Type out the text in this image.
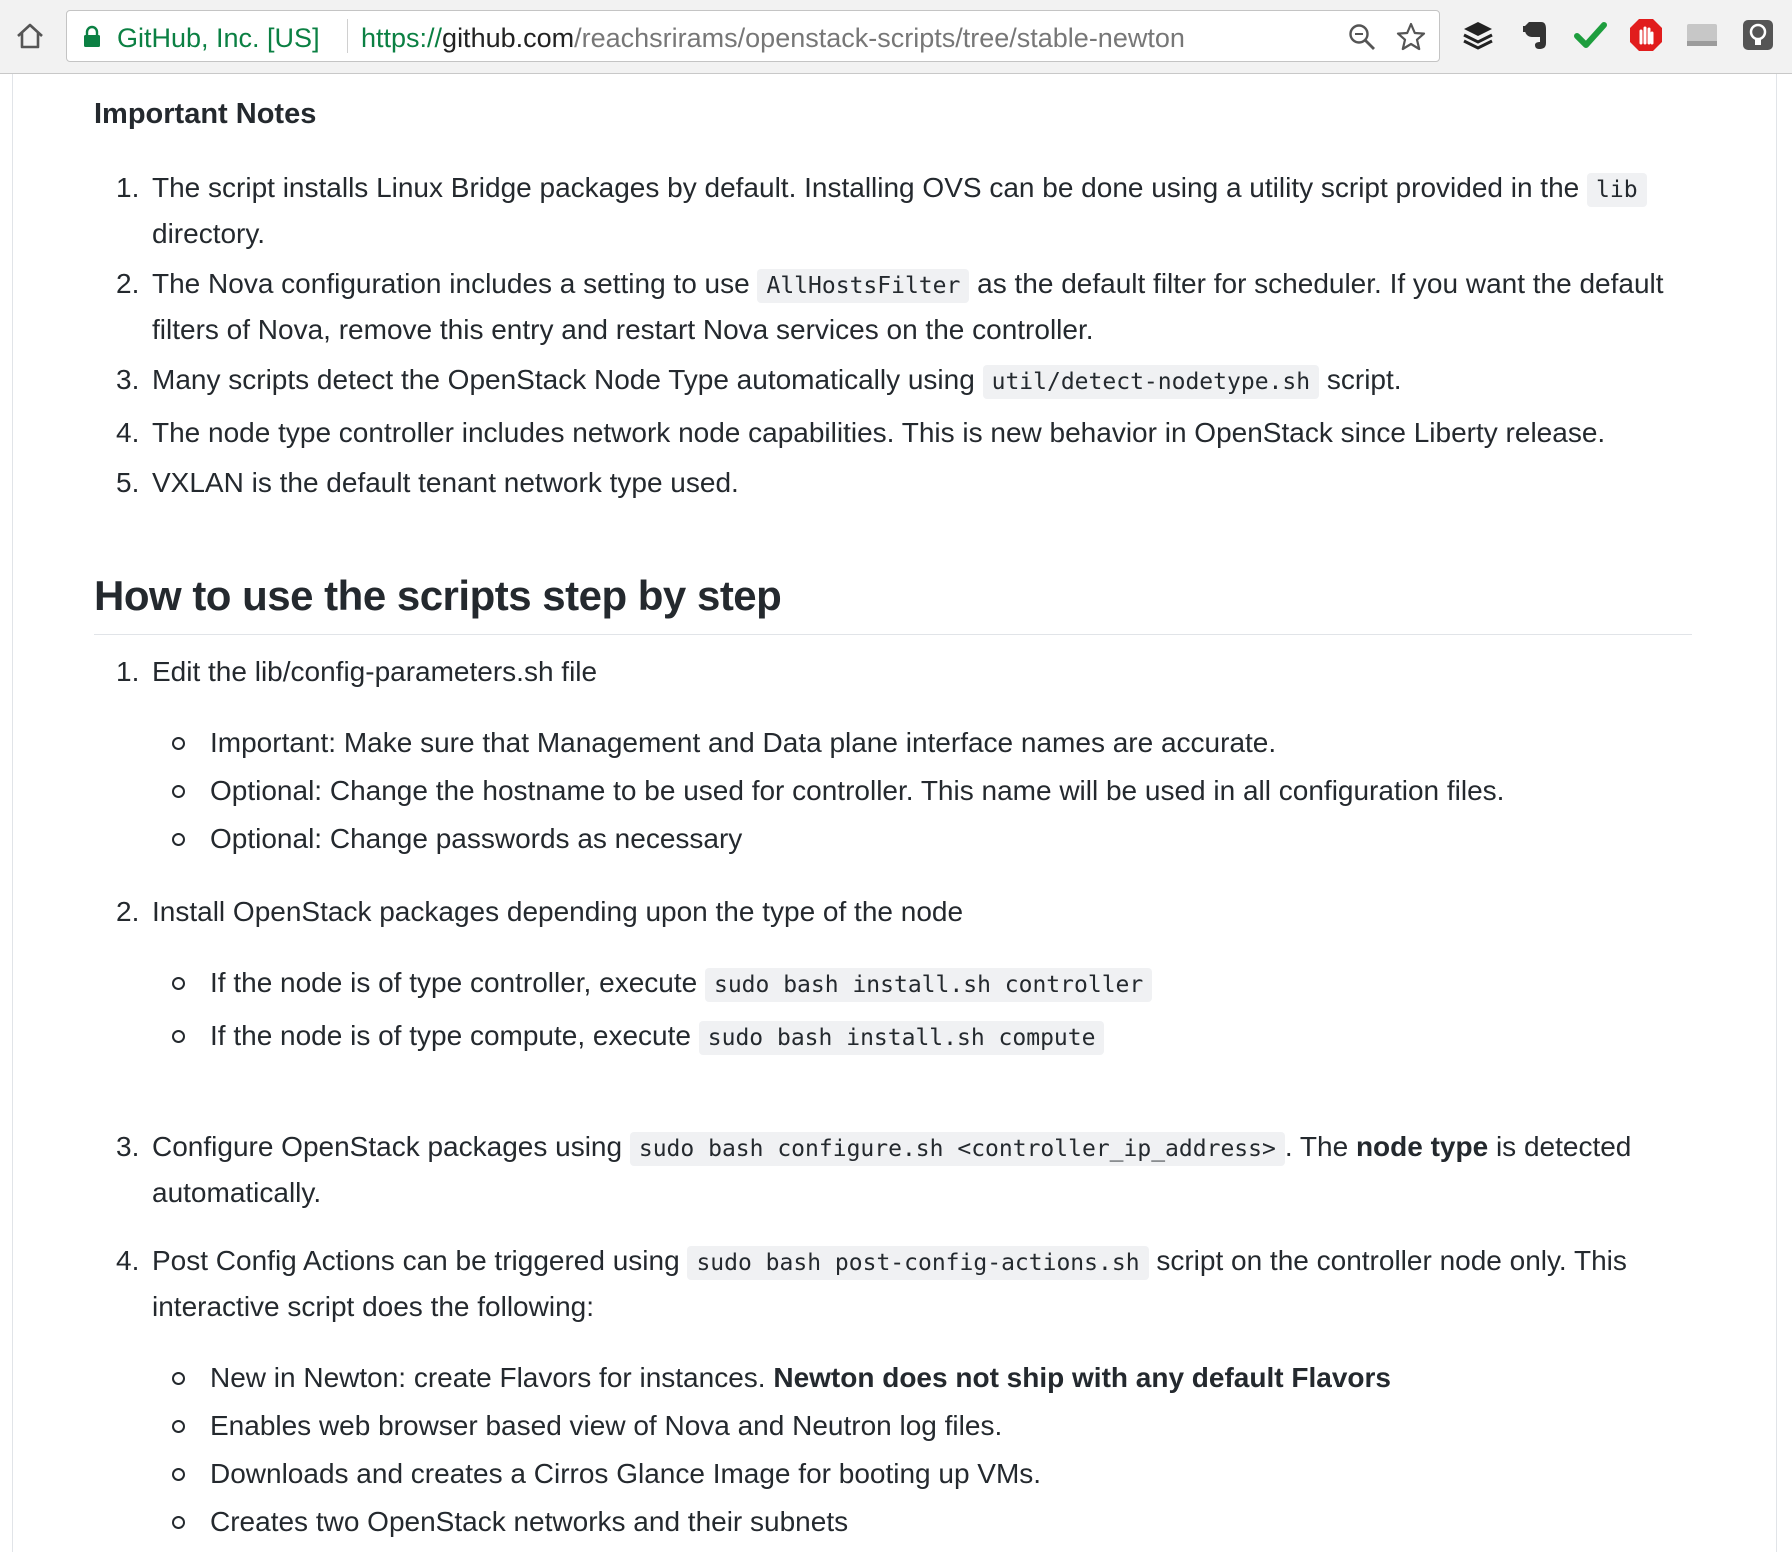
GitHub, Inc. [US] https://github.com/reachsrirams/openstack-scripts/tree/stable-newton
Important Notes
1. The script installs Linux Bridge packages by default. Installing OVS can be done using a utility script provided in the lib directory.
2. The Nova configuration includes a setting to use AllHostsFilter as the default filter for scheduler. If you want the default filters of Nova, remove this entry and restart Nova services on the controller.
3. Many scripts detect the OpenStack Node Type automatically using util/detect-nodetype.sh script.
4. The node type controller includes network node capabilities. This is new behavior in OpenStack since Liberty release.
5. VXLAN is the default tenant network type used.
How to use the scripts step by step
1. Edit the lib/config-parameters.sh file
Important: Make sure that Management and Data plane interface names are accurate.
Optional: Change the hostname to be used for controller. This name will be used in all configuration files.
Optional: Change passwords as necessary
2. Install OpenStack packages depending upon the type of the node
If the node is of type controller, execute sudo bash install.sh controller
If the node is of type compute, execute sudo bash install.sh compute
3. Configure OpenStack packages using sudo bash configure.sh <controller_ip_address> . The node type is detected automatically.
4. Post Config Actions can be triggered using sudo bash post-config-actions.sh script on the controller node only. This interactive script does the following:
New in Newton: create Flavors for instances. Newton does not ship with any default Flavors
Enables web browser based view of Nova and Neutron log files.
Downloads and creates a Cirros Glance Image for booting up VMs.
Creates two OpenStack networks and their subnets
